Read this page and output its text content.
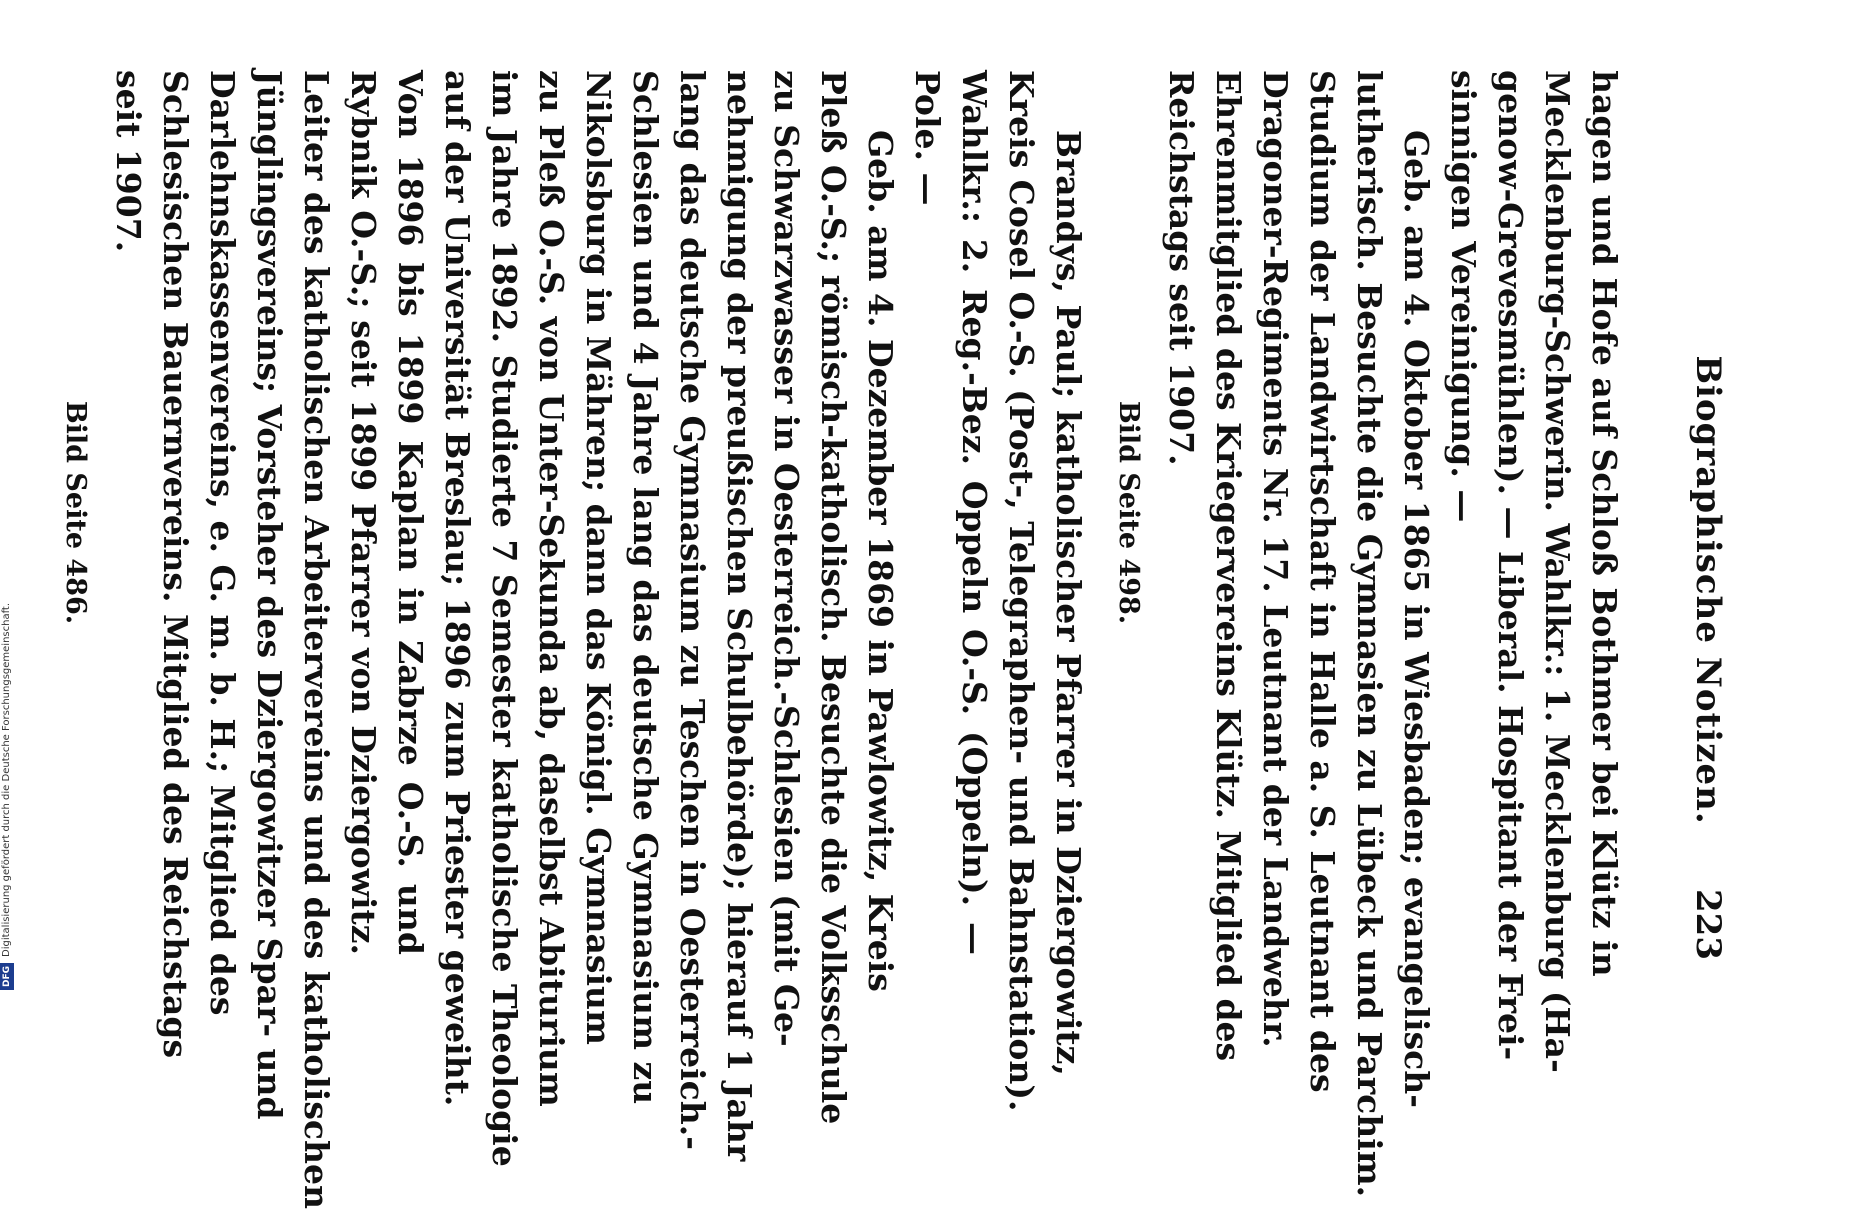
Biographische Notizen.
223
hagen und Hofe auf Schloß Bothmer bei Klütz in
Mecklenburg-Schwerin. Wahlkr.: 1. Mecklenburg (Ha-
genow-Grevesmühlen). — Liberal. Hospitant der Frei-
sinnigen Vereinigung. —
Geb. am 4. Oktober 1865 in Wiesbaden; evangelisch-
lutherisch. Besuchte die Gymnasien zu Lübeck und Parchim.
Studium der Landwirtschaft in Halle a. S. Leutnant des
Dragoner-Regiments Nr. 17. Leutnant der Landwehr.
Ehrenmitglied des Kriegervereins Klütz. Mitglied des
Reichstags seit 1907.
Bild Seite 498.
Brandys, Paul; katholischer Pfarrer in Dziergowitz,
Kreis Cosel O.-S. (Post-, Telegraphen- und Bahnstation).
Wahlkr.: 2. Reg.-Bez. Oppeln O.-S. (Oppeln). —
Pole. —
Geb. am 4. Dezember 1869 in Pawlowitz, Kreis
Pleß O.-S.; römisch-katholisch. Besuchte die Volksschule
zu Schwarzwasser in Oesterreich.-Schlesien (mit Ge-
nehmigung der preußischen Schulbehörde); hierauf 1 Jahr
lang das deutsche Gymnasium zu Teschen in Oesterreich.-
Schlesien und 4 Jahre lang das deutsche Gymnasium zu
Nikolsburg in Mähren; dann das Königl. Gymnasium
zu Pleß O.-S. von Unter-Sekunda ab, daselbst Abiturium
im Jahre 1892. Studierte 7 Semester katholische Theologie
auf der Universität Breslau; 1896 zum Priester geweiht.
Von 1896 bis 1899 Kaplan in Zabrze O.-S. und
Rybnik O.-S.; seit 1899 Pfarrer von Dziergowitz.
Leiter des katholischen Arbeitervereins und des katholischen
Jünglingsvereins; Vorsteher des Dziergowitzer Spar- und
Darlehnskassenvereins, e. G. m. b. H.; Mitglied des
Schlesischen Bauernvereins. Mitglied des Reichstags
seit 1907.
Bild Seite 486.
DFGDigitalisierung gefördert durch die Deutsche Forschungsgemeinschaft.
